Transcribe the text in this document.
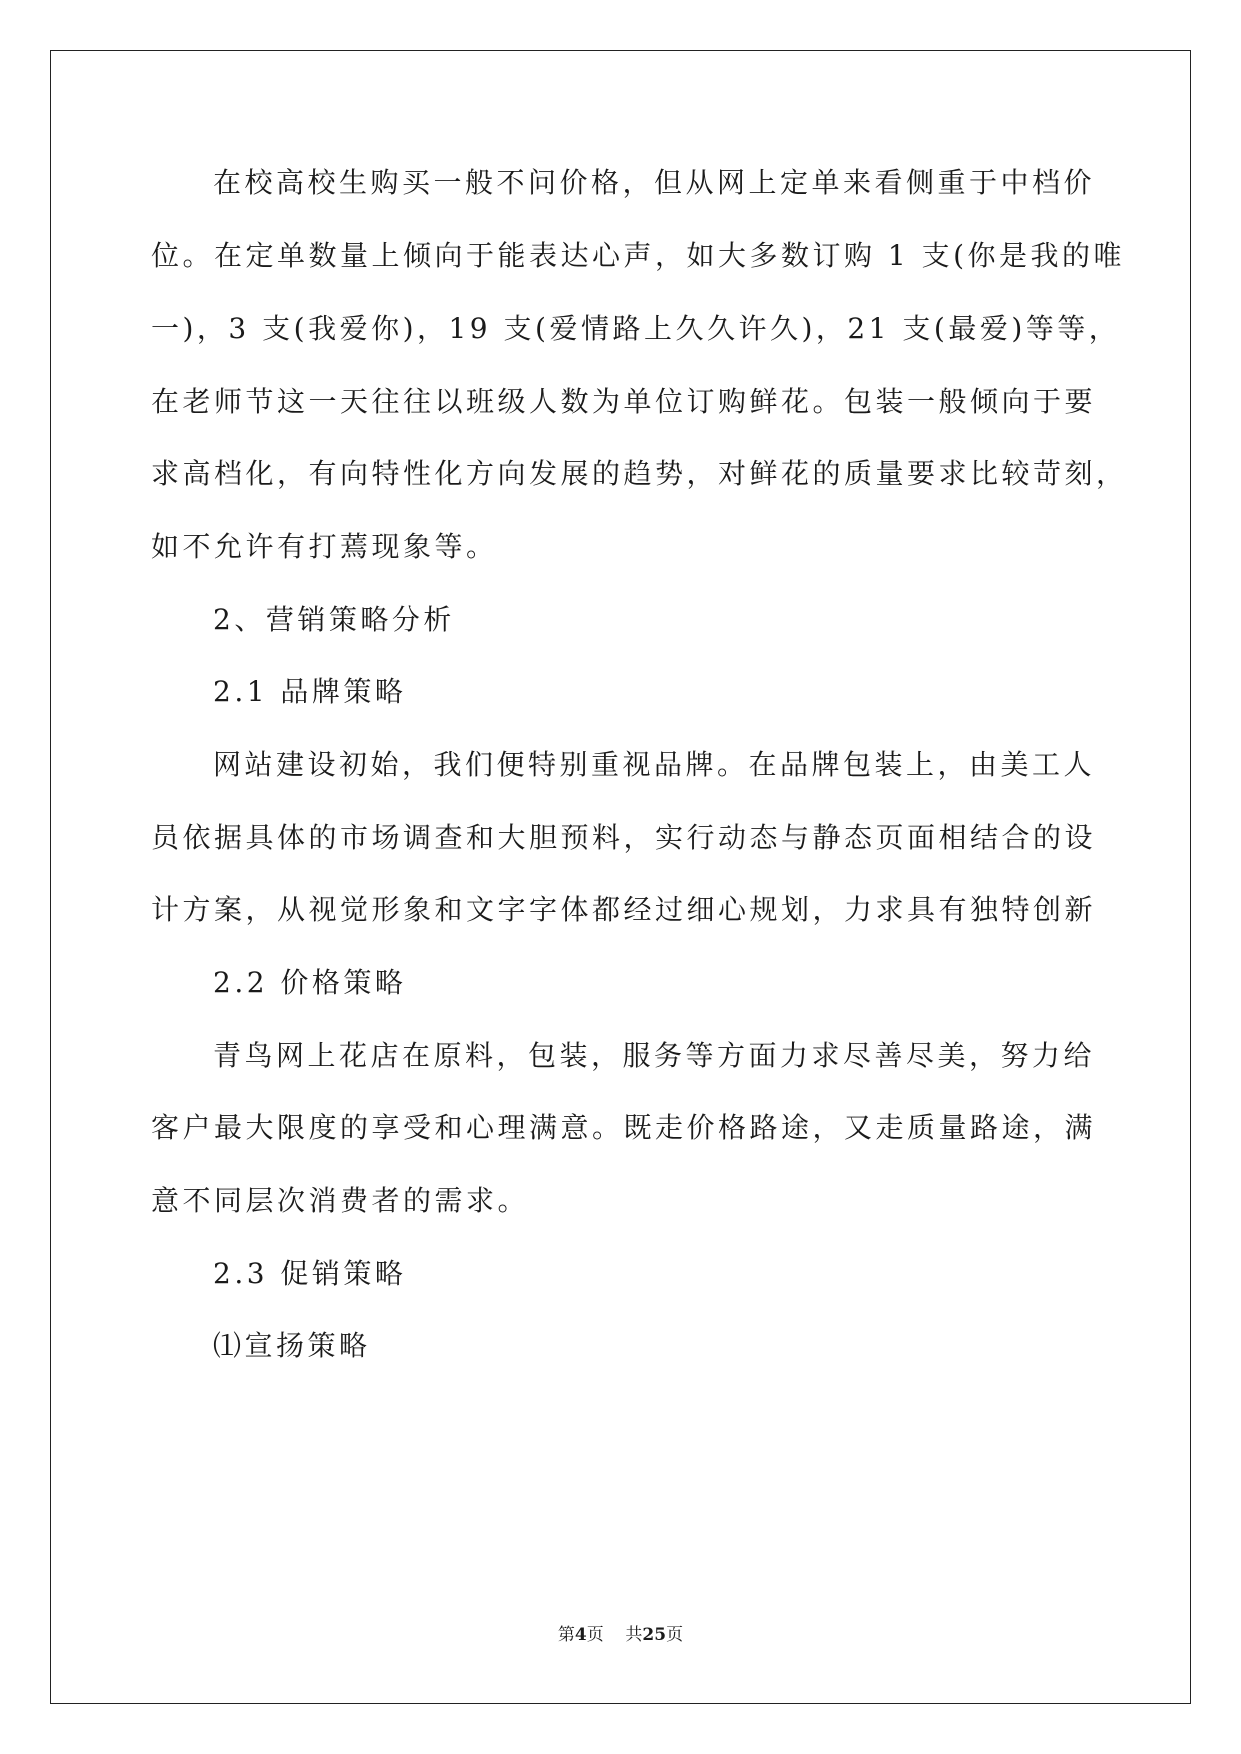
在校高校生购买一般不问价格，但从网上定单来看侧重于中档价
位。在定单数量上倾向于能表达心声，如大多数订购 1 支(你是我的唯
一)，3 支(我爱你)，19 支(爱情路上久久许久)，21 支(最爱)等等，
在老师节这一天往往以班级人数为单位订购鲜花。包装一般倾向于要
求高档化，有向特性化方向发展的趋势，对鲜花的质量要求比较苛刻，
如不允许有打蔫现象等。
2、营销策略分析
2.1 品牌策略
网站建设初始，我们便特别重视品牌。在品牌包装上，由美工人
员依据具体的市场调查和大胆预料，实行动态与静态页面相结合的设
计方案，从视觉形象和文字字体都经过细心规划，力求具有独特创新
2.2 价格策略
青鸟网上花店在原料，包装，服务等方面力求尽善尽美，努力给
客户最大限度的享受和心理满意。既走价格路途，又走质量路途，满
意不同层次消费者的需求。
2.3 促销策略
⑴宣扬策略
第4页 共25页
